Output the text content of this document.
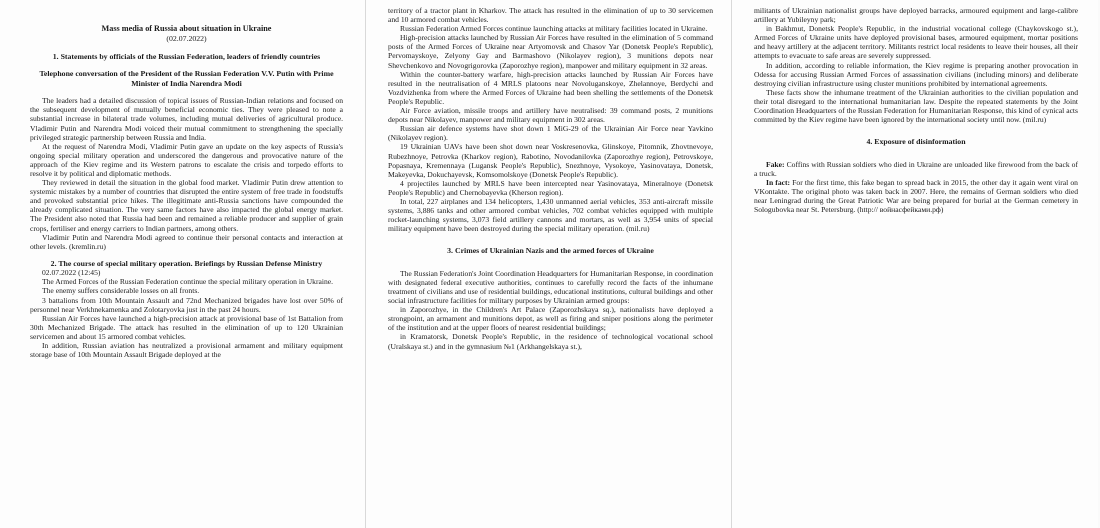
Mass media of Russia about situation in Ukraine

(02.07.2022)

1. Statements by officials of the Russian Federation, leaders of friendly countries

Telephone conversation of the President of the Russian Federation V.V. Putin with Prime Minister of India Narendra Modi

The leaders had a detailed discussion of topical issues of Russian-Indian relations and focused on the subsequent development of mutually beneficial economic ties. They were pleased to note a substantial increase in bilateral trade volumes, including mutual deliveries of agricultural produce. Vladimir Putin and Narendra Modi voiced their mutual commitment to strengthening the specially privileged strategic partnership between Russia and India.

At the request of Narendra Modi, Vladimir Putin gave an update on the key aspects of Russia's ongoing special military operation and underscored the dangerous and provocative nature of the approach of the Kiev regime and its Western patrons to escalate the crisis and torpedo efforts to resolve it by political and diplomatic methods.

They reviewed in detail the situation in the global food market. Vladimir Putin drew attention to systemic mistakes by a number of countries that disrupted the entire system of free trade in foodstuffs and provoked substantial price hikes. The illegitimate anti-Russia sanctions have compounded the already complicated situation. The very same factors have also impacted the global energy market. The President also noted that Russia had been and remained a reliable producer and supplier of grain crops, fertiliser and energy carriers to Indian partners, among others.

Vladimir Putin and Narendra Modi agreed to continue their personal contacts and interaction at other levels. (kremlin.ru)

2. The course of special military operation. Briefings by Russian Defense Ministry

02.07.2022 (12:45)

The Armed Forces of the Russian Federation continue the special military operation in Ukraine.

The enemy suffers considerable losses on all fronts.

3 battalions from 10th Mountain Assault and 72nd Mechanized brigades have lost over 50% of personnel near Verkhnekamenka and Zolotaryovka just in the past 24 hours.

Russian Air Forces have launched a high-precision attack at provisional base of 1st Battalion from 30th Mechanized Brigade. The attack has resulted in the elimination of up to 120 Ukrainian servicemen and about 15 armored combat vehicles.

In addition, Russian aviation has neutralized a provisional armament and military equipment storage base of 10th Mountain Assault Brigade deployed at the

territory of a tractor plant in Kharkov. The attack has resulted in the elimination of up to 30 servicemen and 10 armored combat vehicles.

Russian Federation Armed Forces continue launching attacks at military facilities located in Ukraine.

High-precision attacks launched by Russian Air Forces have resulted in the elimination of 5 command posts of the Armed Forces of Ukraine near Artyomovsk and Chasov Yar (Donetsk People's Republic), Pervomayskoye, Zelyony Gay and Barmashovo (Nikolayev region), 3 munitions depots near Shevchenkovo and Novogrigorovka (Zaporozhye region), manpower and military equipment in 32 areas.

Within the counter-battery warfare, high-precision attacks launched by Russian Air Forces have resulted in the neutralisation of 4 MRLS platoons near Novoluganskoye, Zhelannoye, Berdychi and Vozdvizhenka from where the Armed Forces of Ukraine had been shelling the settlements of the Donetsk People's Republic.

Air Force aviation, missile troops and artillery have neutralised: 39 command posts, 2 munitions depots near Nikolayev, manpower and military equipment in 302 areas.

Russian air defence systems have shot down 1 MiG-29 of the Ukrainian Air Force near Yavkino (Nikolayev region).

19 Ukrainian UAVs have been shot down near Voskresenovka, Glinskoye, Pitomnik, Zhovtnevoye, Rubezhnoye, Petrovka (Kharkov region), Rabotino, Novodanilovka (Zaporozhye region), Petrovskoye, Popasnaya, Kremennaya (Lugansk People's Republic), Snezhnoye, Vysokoye, Yasinovataya, Donetsk, Makeyevka, Dokuchayevsk, Komsomolskoye (Donetsk People's Republic).

4 projectiles launched by MRLS have been intercepted near Yasinovataya, Mineralnoye (Donetsk People's Republic) and Chernobayevka (Kherson region).

In total, 227 airplanes and 134 helicopters, 1,430 unmanned aerial vehicles, 353 anti-aircraft missile systems, 3,886 tanks and other armored combat vehicles, 702 combat vehicles equipped with multiple rocket-launching systems, 3,073 field artillery cannons and mortars, as well as 3,954 units of special military equipment have been destroyed during the special military operation. (mil.ru)

3. Crimes of Ukrainian Nazis and the armed forces of Ukraine

The Russian Federation's Joint Coordination Headquarters for Humanitarian Response, in coordination with designated federal executive authorities, continues to carefully record the facts of the inhumane treatment of civilians and use of residential buildings, educational institutions, cultural buildings and other social infrastructure facilities for military purposes by Ukrainian armed groups:

in Zaporozhye, in the Children's Art Palace (Zaporozhskaya sq.), nationalists have deployed a strongpoint, an armament and munitions depot, as well as firing and sniper positions along the perimeter of the institution and at the upper floors of nearest residential buildings;

in Kramatorsk, Donetsk People's Republic, in the residence of technological vocational school (Uralskaya st.) and in the gymnasium №1 (Arkhangelskaya st.),

militants of Ukrainian nationalist groups have deployed barracks, armoured equipment and large-calibre artillery at Yubileyny park;

in Bakhmut, Donetsk People's Republic, in the industrial vocational college (Chaykovskogo st.), Armed Forces of Ukraine units have deployed provisional bases, armoured equipment, mortar positions and heavy artillery at the adjacent territory. Militants restrict local residents to leave their houses, all their attempts to evacuate to safe areas are severely suppressed.

In addition, according to reliable information, the Kiev regime is preparing another provocation in Odessa for accusing Russian Armed Forces of assassination civilians (including minors) and deliberate destroying civilian infrastructure using cluster munitions prohibited by international agreements.

These facts show the inhumane treatment of the Ukrainian authorities to the civilian population and their total disregard to the international humanitarian law. Despite the repeated statements by the Joint Coordination Headquarters of the Russian Federation for Humanitarian Response, this kind of cynical acts committed by the Kiev regime have been ignored by the international society until now. (mil.ru)

4. Exposure of disinformation

Fake: Coffins with Russian soldiers who died in Ukraine are unloaded like firewood from the back of a truck.

In fact: For the first time, this fake began to spread back in 2015, the other day it again went viral on VKontakte. The original photo was taken back in 2007. Here, the remains of German soldiers who died near Leningrad during the Great Patriotic War are being prepared for burial at the German cemetery in Sologubovka near St. Petersburg. (http:// войнасфейками.рф)
